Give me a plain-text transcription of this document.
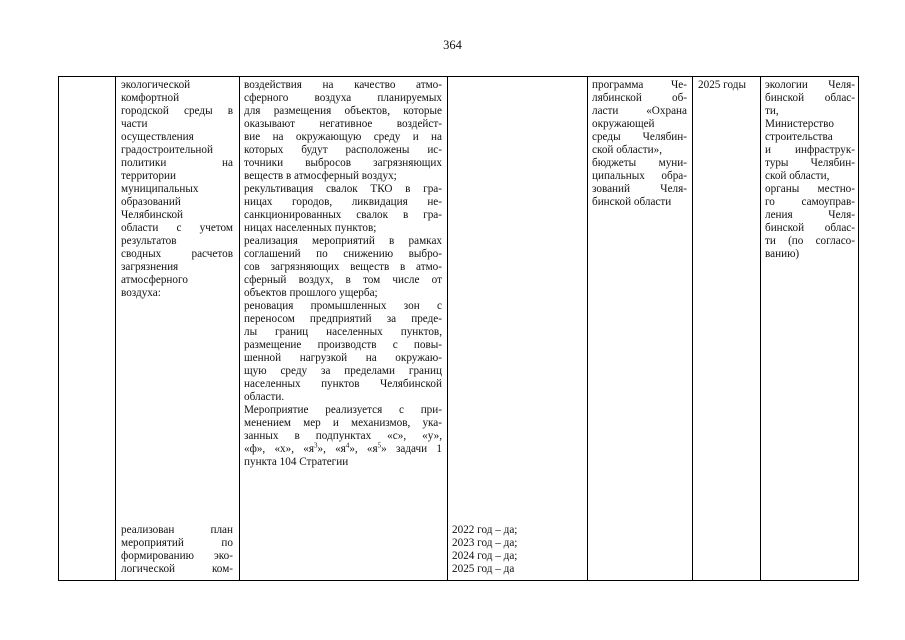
364
экологической
комфортной
городской среды в
части
осуществления
градостроительной
политики на
территории
муниципальных
образований
Челябинской
области с учетом
результатов
сводных расчетов
загрязнения
атмосферного
воздуха:
реализован план
мероприятий по
формированию эко-
логической ком-
воздействия на качество атмо-
сферного воздуха планируемых
для размещения объектов, которые
оказывают негативное воздейст-
вие на окружающую среду и на
которых будут расположены ис-
точники выбросов загрязняющих
веществ в атмосферный воздух;
рекультивация свалок ТКО в гра-
ницах городов, ликвидация не-
санкционированных свалок в гра-
ницах населенных пунктов;
реализация мероприятий в рамках
соглашений по снижению выбро-
сов загрязняющих веществ в атмо-
сферный воздух, в том числе от
объектов прошлого ущерба;
реновация промышленных зон с
переносом предприятий за преде-
лы границ населенных пунктов,
размещение производств с повы-
шенной нагрузкой на окружаю-
щую среду за пределами границ
населенных пунктов Челябинской
области.
Мероприятие реализуется с при-
менением мер и механизмов, ука-
занных в подпунктах «с», «у»,
«ф», «х», «$я^3$», «$я^4$», «$я^5$» задачи 1
пункта 104 Стратегии
2022 год – да;
2023 год – да;
2024 год – да;
2025 год – да
программа Че-
лябинской об-
ласти «Охрана
окружающей
среды Челябин-
ской области»,
бюджеты муни-
ципальных обра-
зований Челя-
бинской области
2025 годы	экологии Челя-
бинской облас-
ти,
Министерство
строительства
и инфраструк-
туры Челябин-
ской области,
органы местно-
го самоуправ-
ления Челя-
бинской облас-
ти (по согласо-
ванию)
